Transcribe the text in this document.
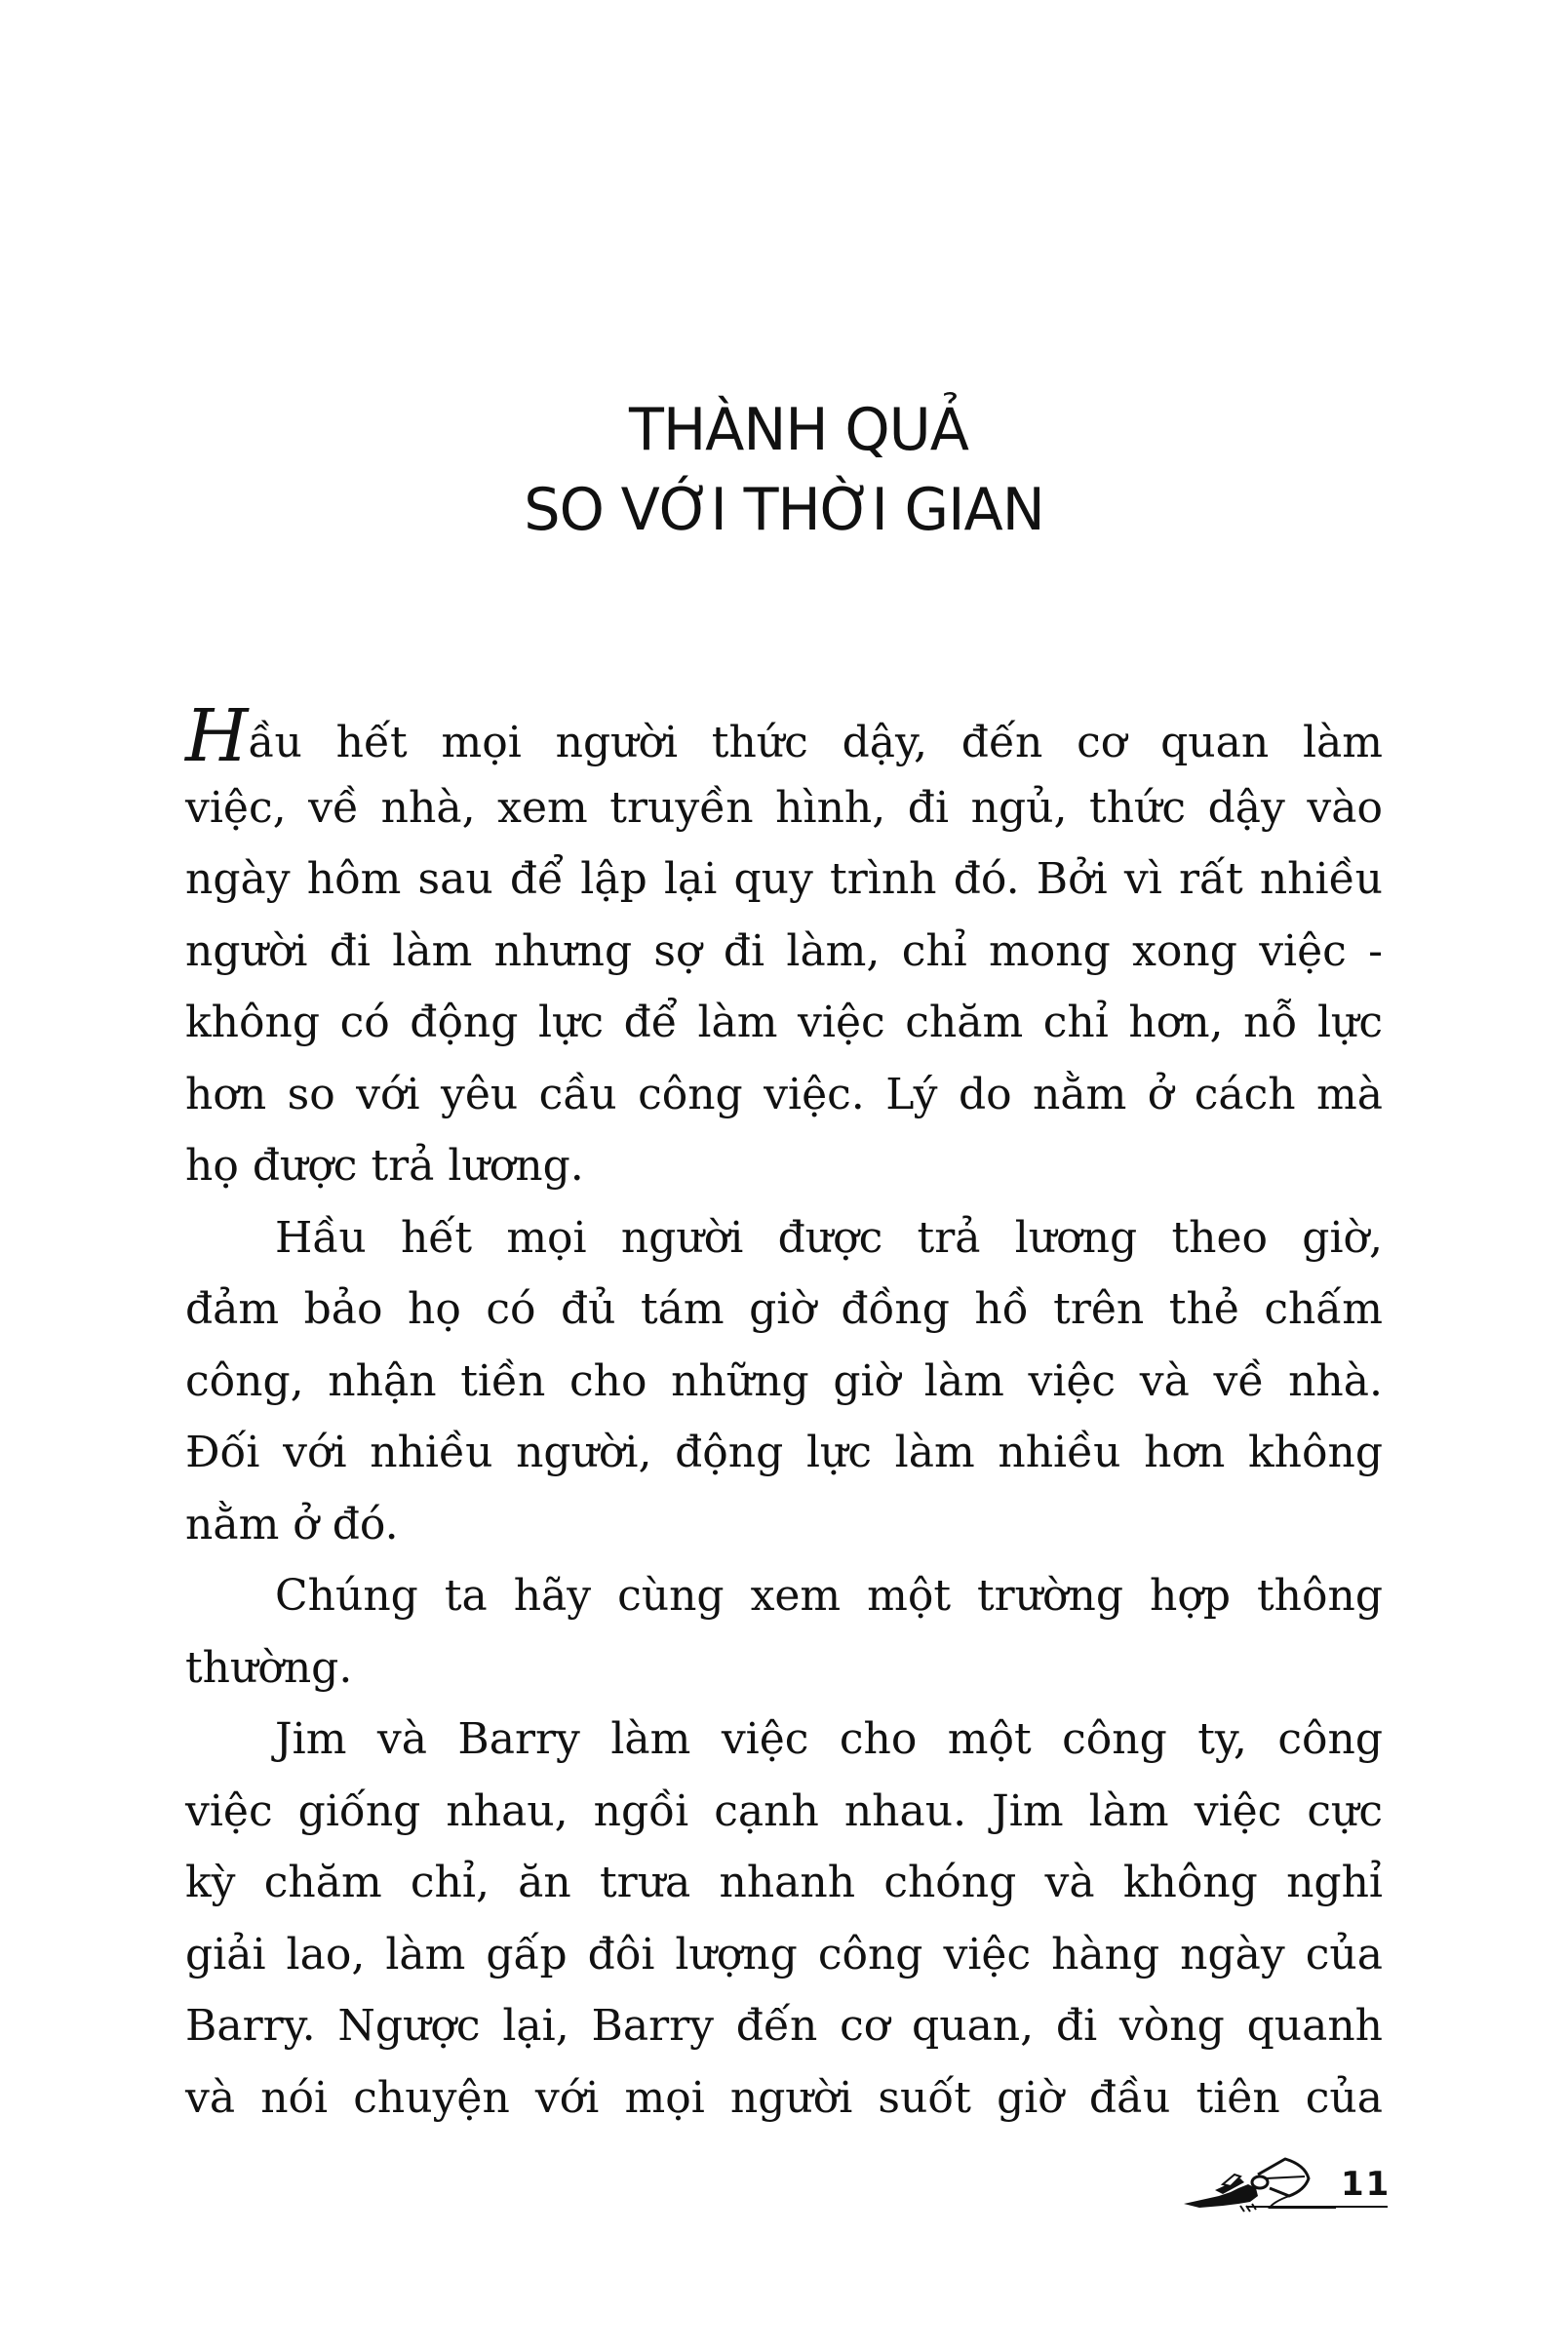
THÀNH QUẢ
SO VỚI THỜI GIAN
Hầu hết mọi người thức dậy, đến cơ quan làm
việc, về nhà, xem truyền hình, đi ngủ, thức dậy vào
ngày hôm sau để lập lại quy trình đó. Bởi vì rất nhiều
người đi làm nhưng sợ đi làm, chỉ mong xong việc -
không có động lực để làm việc chăm chỉ hơn, nỗ lực
hơn so với yêu cầu công việc. Lý do nằm ở cách mà
họ được trả lương.
Hầu hết mọi người được trả lương theo giờ,
đảm bảo họ có đủ tám giờ đồng hồ trên thẻ chấm
công, nhận tiền cho những giờ làm việc và về nhà.
Đối với nhiều người, động lực làm nhiều hơn không
nằm ở đó.
Chúng ta hãy cùng xem một trường hợp thông
thường.
Jim và Barry làm việc cho một công ty, công
việc giống nhau, ngồi cạnh nhau. Jim làm việc cực
kỳ chăm chỉ, ăn trưa nhanh chóng và không nghỉ
giải lao, làm gấp đôi lượng công việc hàng ngày của
Barry. Ngược lại, Barry đến cơ quan, đi vòng quanh
và nói chuyện với mọi người suốt giờ đầu tiên của
11
